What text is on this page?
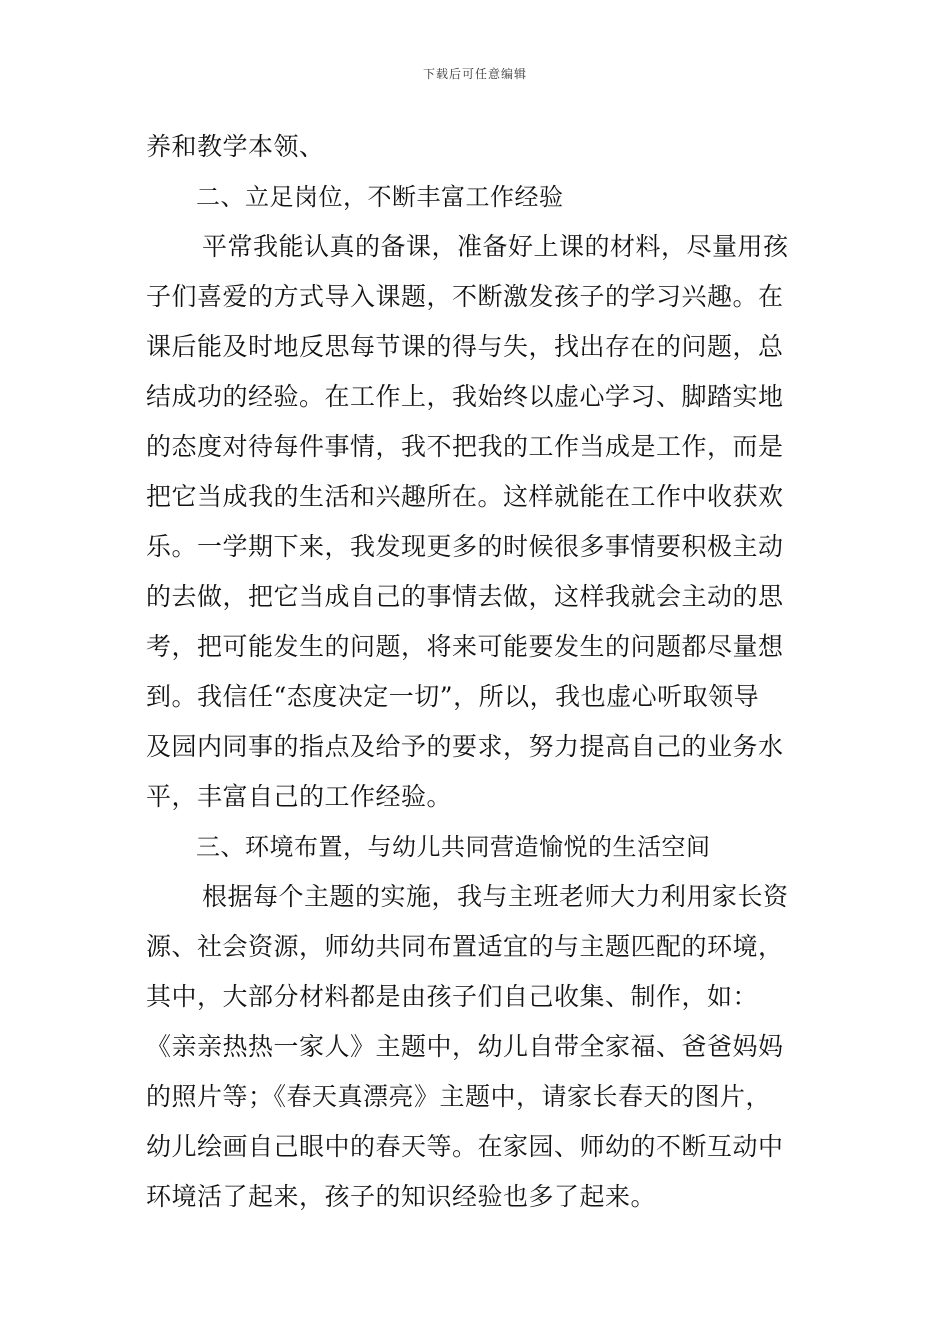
下载后可任意编辑
养和教学本领、
二、立足岗位，不断丰富工作经验
平常我能认真的备课，准备好上课的材料，尽量用孩
子们喜爱的方式导入课题，不断激发孩子的学习兴趣。在
课后能及时地反思每节课的得与失，找出存在的问题，总
结成功的经验。在工作上，我始终以虚心学习、脚踏实地
的态度对待每件事情，我不把我的工作当成是工作，而是
把它当成我的生活和兴趣所在。这样就能在工作中收获欢
乐。一学期下来，我发现更多的时候很多事情要积极主动
的去做，把它当成自己的事情去做，这样我就会主动的思
考，把可能发生的问题，将来可能要发生的问题都尽量想
到。我信任“态度决定一切”，所以，我也虚心听取领导
及园内同事的指点及给予的要求，努力提高自己的业务水
平，丰富自己的工作经验。
三、环境布置，与幼儿共同营造愉悦的生活空间
根据每个主题的实施，我与主班老师大力利用家长资
源、社会资源，师幼共同布置适宜的与主题匹配的环境，
其中，大部分材料都是由孩子们自己收集、制作，如：
《亲亲热热一家人》主题中，幼儿自带全家福、爸爸妈妈
的照片等；《春天真漂亮》主题中，请家长春天的图片，
幼儿绘画自己眼中的春天等。在家园、师幼的不断互动中
环境活了起来，孩子的知识经验也多了起来。
